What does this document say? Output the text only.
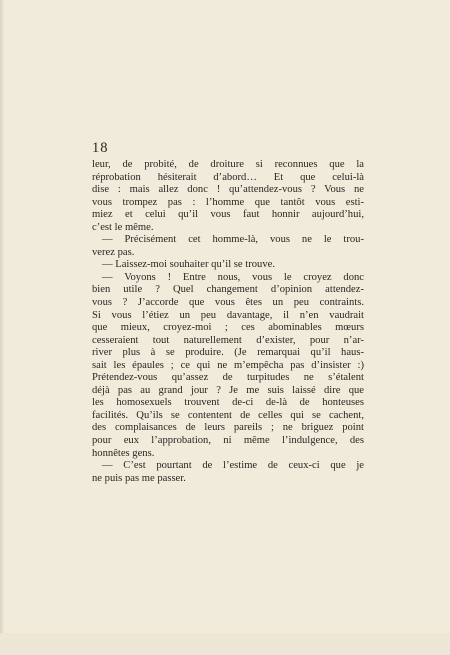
18
leur, de probité, de droiture si reconnues que la
réprobation hésiterait d’abord… Et que celui-là
dise : mais allez donc ! qu’attendez-vous ? Vous ne
vous trompez pas : l’homme que tantôt vous esti-
miez et celui qu’il vous faut honnir aujourd’hui,
c’est le même.
— Précisément cet homme-là, vous ne le trou-
verez pas.
— Laissez-moi souhaiter qu’il se trouve.
— Voyons ! Entre nous, vous le croyez donc
bien utile ? Quel changement d’opinion attendez-
vous ? J’accorde que vous êtes un peu contraints.
Si vous l’étiez un peu davantage, il n’en vaudrait
que mieux, croyez-moi ; ces abominables mœurs
cesseraient tout naturellement d’exister, pour n’ar-
river plus à se produire. (Je remarquai qu’il haus-
sait les épaules ; ce qui ne m’empêcha pas d’insister :)
Prétendez-vous qu’assez de turpitudes ne s’étalent
déjà pas au grand jour ? Je me suis laissé dire que
les homosexuels trouvent de-ci de-là de honteuses
facilités. Qu’ils se contentent de celles qui se cachent,
des complaisances de leurs pareils ; ne briguez point
pour eux l’approbation, ni même l’indulgence, des
honnêtes gens.
— C’est pourtant de l’estime de ceux-ci que je
ne puis pas me passer.
